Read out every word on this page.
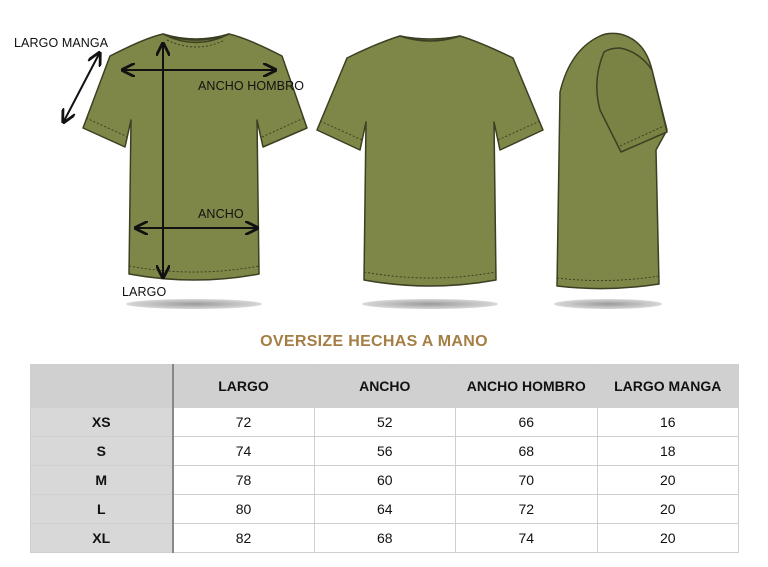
LARGO MANGA
ANCHO HOMBRO
ANCHO
LARGO
OVERSIZE HECHAS A MANO
	LARGO	ANCHO	ANCHO HOMBRO	LARGO MANGA
XS	72	52	66	16
S	74	56	68	18
M	78	60	70	20
L	80	64	72	20
XL	82	68	74	20
